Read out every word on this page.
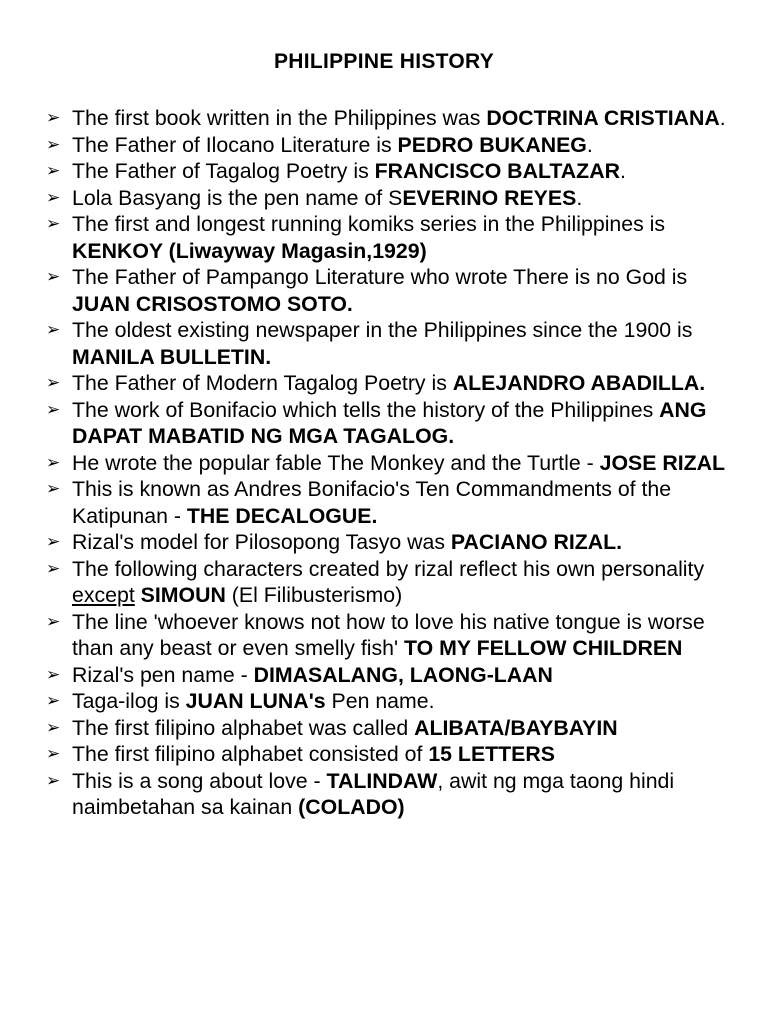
PHILIPPINE HISTORY
➢ The first book written in the Philippines was DOCTRINA CRISTIANA.
➢ The Father of Ilocano Literature is PEDRO BUKANEG.
➢ The Father of Tagalog Poetry is FRANCISCO BALTAZAR.
➢ Lola Basyang is the pen name of SEVERINO REYES.
➢ The first and longest running komiks series in the Philippines is KENKOY (Liwayway Magasin,1929)
➢ The Father of Pampango Literature who wrote There is no God is JUAN CRISOSTOMO SOTO.
➢ The oldest existing newspaper in the Philippines since the 1900 is MANILA BULLETIN.
➢ The Father of Modern Tagalog Poetry is ALEJANDRO ABADILLA.
➢ The work of Bonifacio which tells the history of the Philippines ANG DAPAT MABATID NG MGA TAGALOG.
➢ He wrote the popular fable The Monkey and the Turtle - JOSE RIZAL
➢ This is known as Andres Bonifacio's Ten Commandments of the Katipunan - THE DECALOGUE.
➢ Rizal's model for Pilosopong Tasyo was PACIANO RIZAL.
➢ The following characters created by rizal reflect his own personality except SIMOUN (El Filibusterismo)
➢ The line 'whoever knows not how to love his native tongue is worse than any beast or even smelly fish' TO MY FELLOW CHILDREN
➢ Rizal's pen name - DIMASALANG, LAONG-LAAN
➢ Taga-ilog is JUAN LUNA's Pen name.
➢ The first filipino alphabet was called ALIBATA/BAYBAYIN
➢ The first filipino alphabet consisted of 15 LETTERS
➢ This is a song about love - TALINDAW, awit ng mga taong hindi naimbetahan sa kainan (COLADO)
